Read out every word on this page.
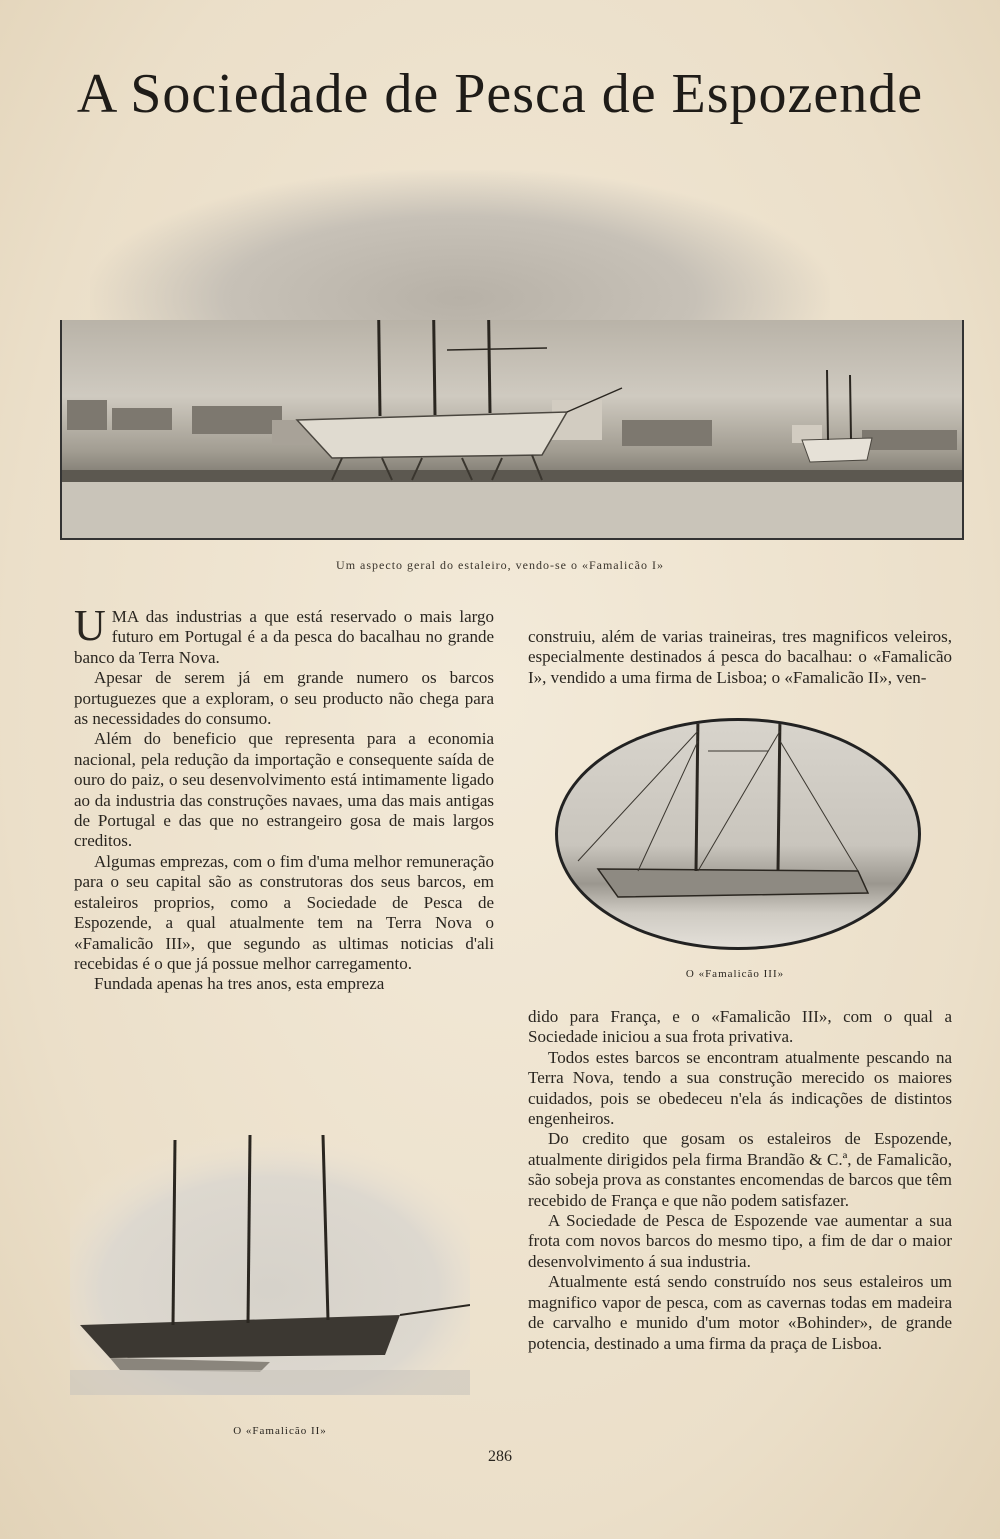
A Sociedade de Pesca de Espozende
Um aspecto geral do estaleiro, vendo-se o «Famalicão I»

UMA das industrias a que está reservado o mais largo futuro em Portugal é a da pesca do bacalhau no grande banco da Terra Nova.

Apesar de serem já em grande numero os barcos portuguezes que a exploram, o seu producto não chega para as necessidades do consumo.

Além do beneficio que representa para a economia nacional, pela redução da importação e consequente saída de ouro do paiz, o seu desenvolvimento está intimamente ligado ao da industria das construções navaes, uma das mais antigas de Portugal e das que no estrangeiro gosa de mais largos creditos.

Algumas emprezas, com o fim d'uma melhor remuneração para o seu capital são as construtoras dos seus barcos, em estaleiros proprios, como a Sociedade de Pesca de Espozende, a qual atualmente tem na Terra Nova o «Famalicão III», que segundo as ultimas noticias d'ali recebidas é o que já possue melhor carregamento.

Fundada apenas ha tres anos, esta empreza

construiu, além de varias traineiras, tres magnificos veleiros, especialmente destinados á pesca do bacalhau: o «Famalicão I», vendido a uma firma de Lisboa; o «Famalicão II», ven-

O «Famalicão III»

dido para França, e o «Famalicão III», com o qual a Sociedade iniciou a sua frota privativa.

Todos estes barcos se encontram atualmente pescando na Terra Nova, tendo a sua construção merecido os maiores cuidados, pois se obedeceu n'ela ás indicações de distintos engenheiros.

Do credito que gosam os estaleiros de Espozende, atualmente dirigidos pela firma Brandão & C.ª, de Famalicão, são sobeja prova as constantes encomendas de barcos que têm recebido de França e que não podem satisfazer.

A Sociedade de Pesca de Espozende vae aumentar a sua frota com novos barcos do mesmo tipo, a fim de dar o maior desenvolvimento á sua industria.

Atualmente está sendo construído nos seus estaleiros um magnifico vapor de pesca, com as cavernas todas em madeira de carvalho e munido d'um motor «Bohinder», de grande potencia, destinado a uma firma da praça de Lisboa.

O «Famalicão II»
286
